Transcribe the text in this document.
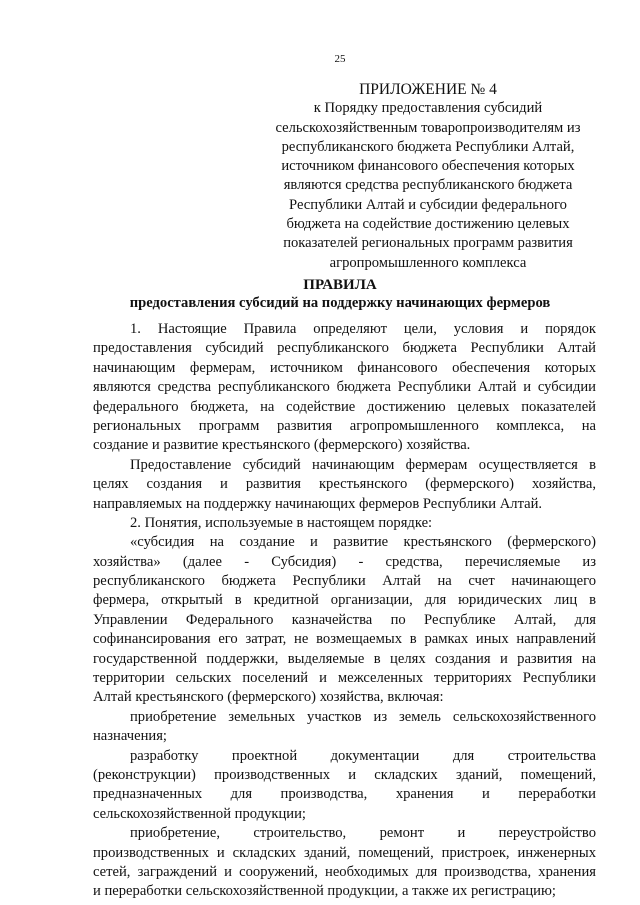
25
ПРИЛОЖЕНИЕ № 4
к Порядку предоставления субсидий
сельскохозяйственным товаропроизводителям из
республиканского бюджета Республики Алтай,
источником финансового обеспечения которых
являются средства республиканского бюджета
Республики Алтай и субсидии федерального
бюджета на содействие достижению целевых
показателей региональных программ развития
агропромышленного комплекса
ПРАВИЛА
предоставления субсидий на поддержку начинающих фермеров
1. Настоящие Правила определяют цели, условия и порядок
предоставления субсидий республиканского бюджета Республики Алтай
начинающим фермерам, источником финансового обеспечения которых
являются средства республиканского бюджета Республики Алтай и субсидии
федерального бюджета, на содействие достижению целевых показателей
региональных программ развития агропромышленного комплекса, на
создание и развитие крестьянского (фермерского) хозяйства.
Предоставление субсидий начинающим фермерам осуществляется в
целях создания и развития крестьянского (фермерского) хозяйства,
направляемых на поддержку начинающих фермеров Республики Алтай.
2. Понятия, используемые в настоящем порядке:
«субсидия на создание и развитие крестьянского (фермерского)
хозяйства» (далее - Субсидия) - средства, перечисляемые из
республиканского бюджета Республики Алтай на счет начинающего
фермера, открытый в кредитной организации, для юридических лиц в
Управлении Федерального казначейства по Республике Алтай, для
софинансирования его затрат, не возмещаемых в рамках иных направлений
государственной поддержки, выделяемые в целях создания и развития на
территории сельских поселений и межселенных территориях Республики
Алтай крестьянского (фермерского) хозяйства, включая:
приобретение земельных участков из земель сельскохозяйственного
назначения;
разработку проектной документации для строительства
(реконструкции) производственных и складских зданий, помещений,
предназначенных для производства, хранения и переработки
сельскохозяйственной продукции;
приобретение, строительство, ремонт и переустройство
производственных и складских зданий, помещений, пристроек, инженерных
сетей, заграждений и сооружений, необходимых для производства, хранения
и переработки сельскохозяйственной продукции, а также их регистрацию;
